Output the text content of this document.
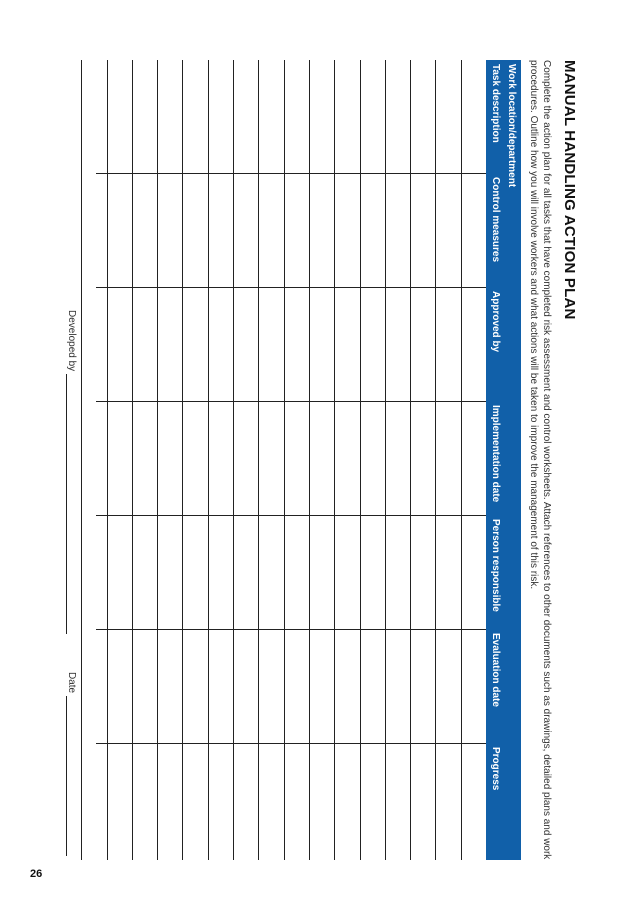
MANUAL HANDLING ACTION PLAN
Complete the action plan for all tasks that have completed risk assessment and control worksheets. Attach references to other documents such as drawings, detailed plans and work procedures. Outline how you will involve workers and what actions will be taken to improve the management of this risk.
Work location/department
Task description
Control measures
Approved by
Implementation date
Person responsible
Evaluation date
Progress
Developed by
Date
26
